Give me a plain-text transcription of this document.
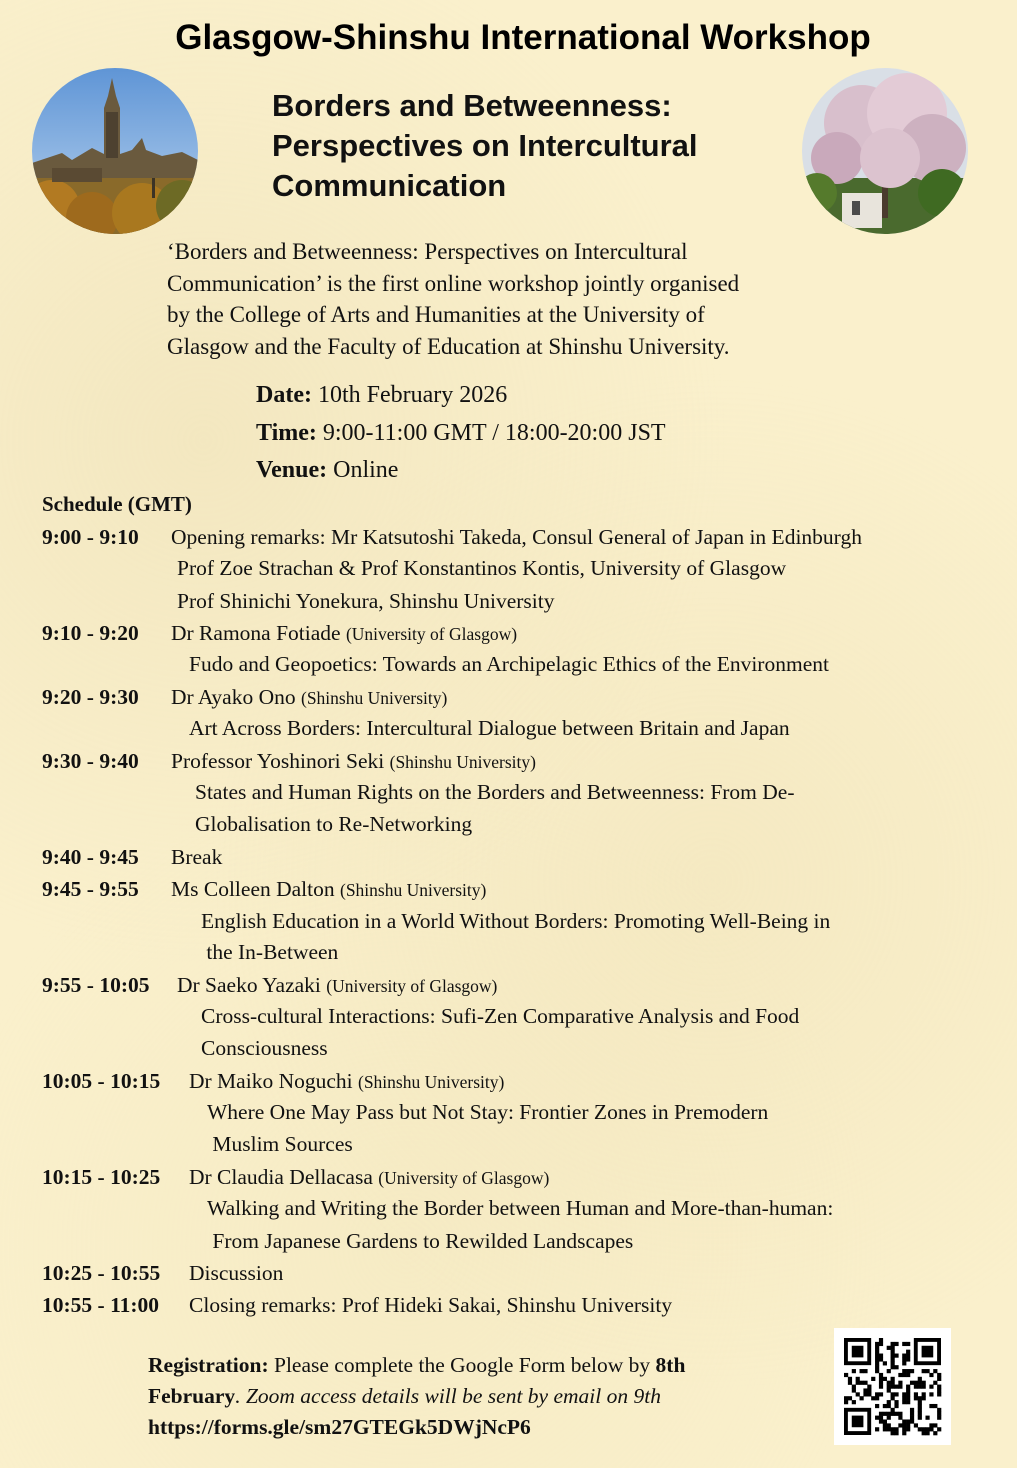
Glasgow-Shinshu International Workshop
Borders and Betweenness:
Perspectives on Intercultural
Communication
‘Borders and Betweenness: Perspectives on Intercultural
Communication’ is the first online workshop jointly organised
by the College of Arts and Humanities at the University of
Glasgow and the Faculty of Education at Shinshu University.
Date: 10th February 2026
Time: 9:00-11:00 GMT / 18:00-20:00 JST
Venue: Online
Schedule (GMT)
9:00 - 9:10 Opening remarks: Mr Katsutoshi Takeda, Consul General of Japan in Edinburgh
Prof Zoe Strachan & Prof Konstantinos Kontis, University of Glasgow
Prof Shinichi Yonekura, Shinshu University
9:10 - 9:20 Dr Ramona Fotiade (University of Glasgow)
Fudo and Geopoetics: Towards an Archipelagic Ethics of the Environment
9:20 - 9:30 Dr Ayako Ono (Shinshu University)
Art Across Borders: Intercultural Dialogue between Britain and Japan
9:30 - 9:40 Professor Yoshinori Seki (Shinshu University)
States and Human Rights on the Borders and Betweenness: From De-
Globalisation to Re-Networking
9:40 - 9:45 Break
9:45 - 9:55 Ms Colleen Dalton (Shinshu University)
English Education in a World Without Borders: Promoting Well-Being in
the In-Between
9:55 - 10:05 Dr Saeko Yazaki (University of Glasgow)
Cross-cultural Interactions: Sufi-Zen Comparative Analysis and Food
Consciousness
10:05 - 10:15 Dr Maiko Noguchi (Shinshu University)
Where One May Pass but Not Stay: Frontier Zones in Premodern
Muslim Sources
10:15 - 10:25 Dr Claudia Dellacasa (University of Glasgow)
Walking and Writing the Border between Human and More-than-human:
From Japanese Gardens to Rewilded Landscapes
10:25 - 10:55 Discussion
10:55 - 11:00 Closing remarks: Prof Hideki Sakai, Shinshu University
Registration: Please complete the Google Form below by 8th
February. Zoom access details will be sent by email on 9th
https://forms.gle/sm27GTEGk5DWjNcP6
